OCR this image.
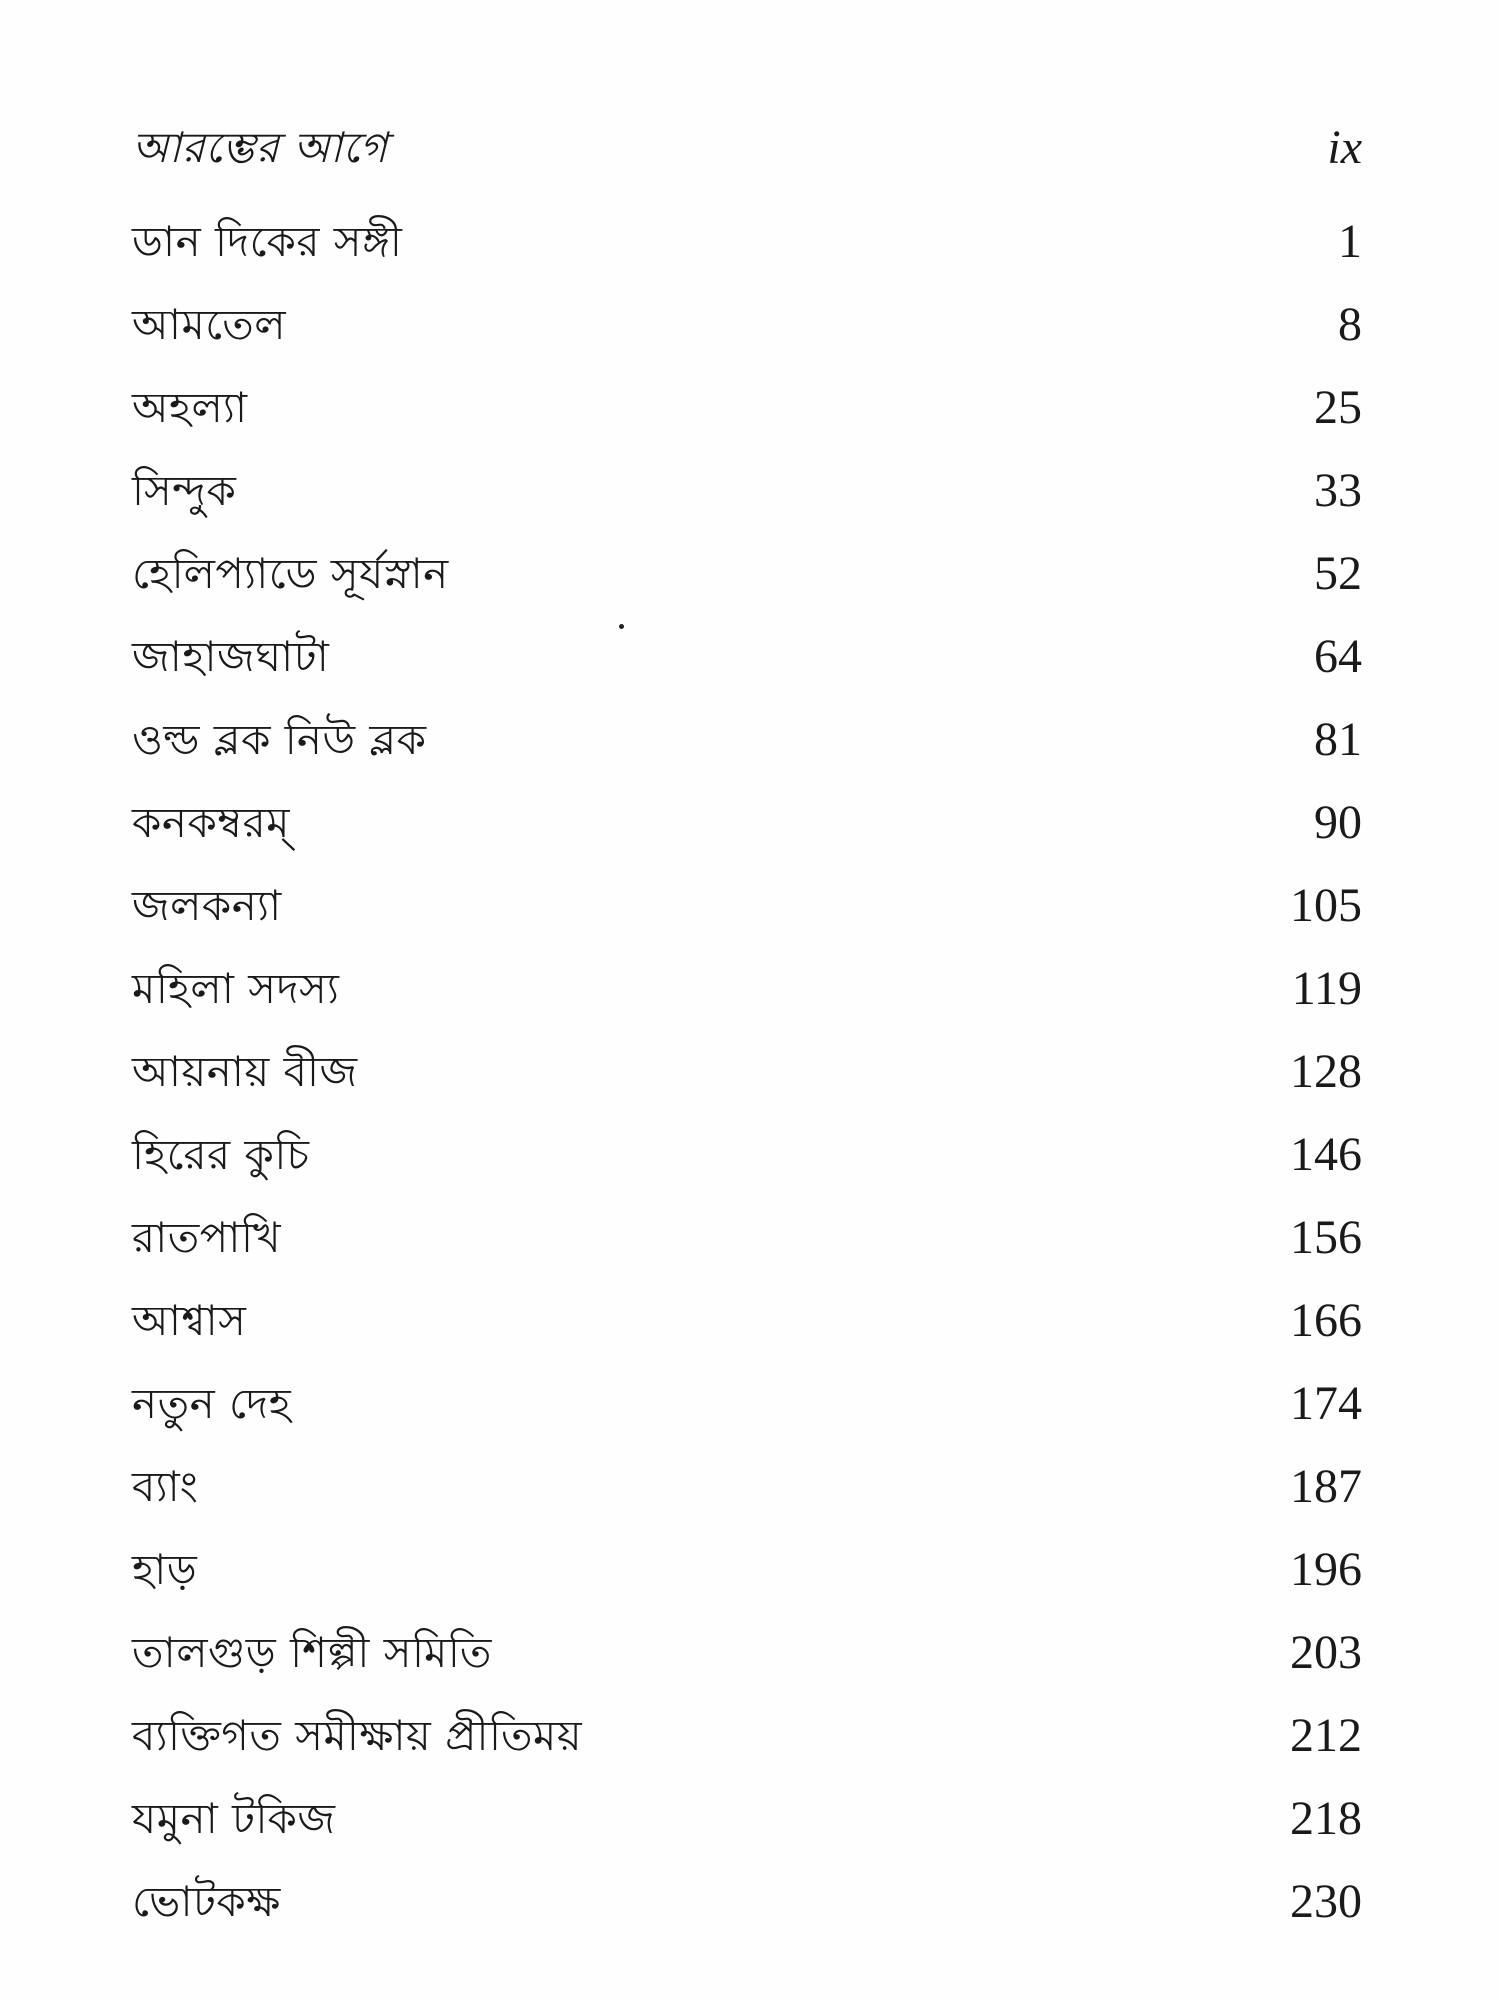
আরম্ভের আগে	ix
ডান দিকের সঙ্গী	1
আমতেল	8
অহল্যা	25
সিন্দুক	33
হেলিপ্যাডে সূর্যস্নান	52
জাহাজঘাটা	64
ওল্ড ব্লক নিউ ব্লক	81
কনকম্বরম্	90
জলকন্যা	105
মহিলা সদস্য	119
আয়নায় বীজ	128
হিরের কুচি	146
রাতপাখি	156
আশ্বাস	166
নতুন দেহ	174
ব্যাং	187
হাড়	196
তালগুড় শিল্পী সমিতি	203
ব্যক্তিগত সমীক্ষায় প্রীতিময়	212
যমুনা টকিজ	218
ভোটকক্ষ	230
